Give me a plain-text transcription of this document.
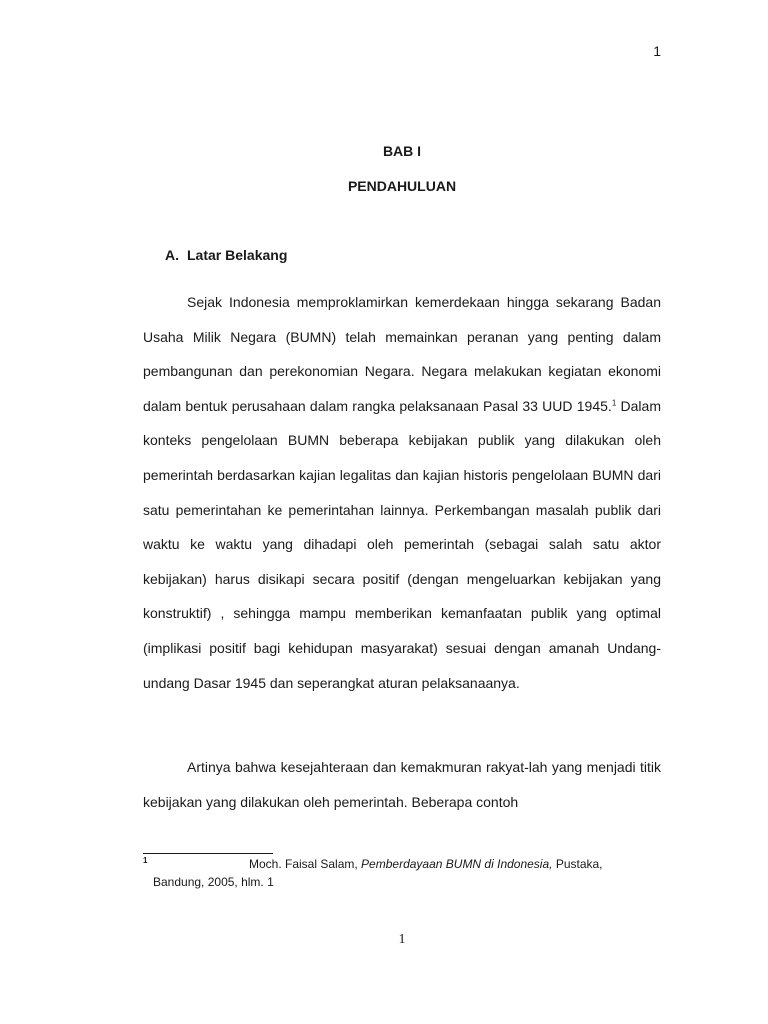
1
BAB I
PENDAHULUAN
A. Latar Belakang

Sejak Indonesia memproklamirkan kemerdekaan hingga sekarang Badan Usaha Milik Negara (BUMN) telah memainkan peranan yang penting dalam pembangunan dan perekonomian Negara. Negara melakukan kegiatan ekonomi dalam bentuk perusahaan dalam rangka pelaksanaan Pasal 33 UUD 1945.$^1$ Dalam konteks pengelolaan BUMN beberapa kebijakan publik yang dilakukan oleh pemerintah berdasarkan kajian legalitas dan kajian historis pengelolaan BUMN dari satu pemerintahan ke pemerintahan lainnya. Perkembangan masalah publik dari waktu ke waktu yang dihadapi oleh pemerintah (sebagai salah satu aktor kebijakan) harus disikapi secara positif (dengan mengeluarkan kebijakan yang konstruktif) , sehingga mampu memberikan kemanfaatan publik yang optimal (implikasi positif bagi kehidupan masyarakat) sesuai dengan amanah Undang-undang Dasar 1945 dan seperangkat aturan pelaksanaanya.

Artinya bahwa kesejahteraan dan kemakmuran rakyat-lah yang menjadi titik kebijakan yang dilakukan oleh pemerintah. Beberapa contoh

1	Moch. Faisal Salam, Pemberdayaan BUMN di Indonesia, Pustaka,
Bandung, 2005, hlm. 1
1
